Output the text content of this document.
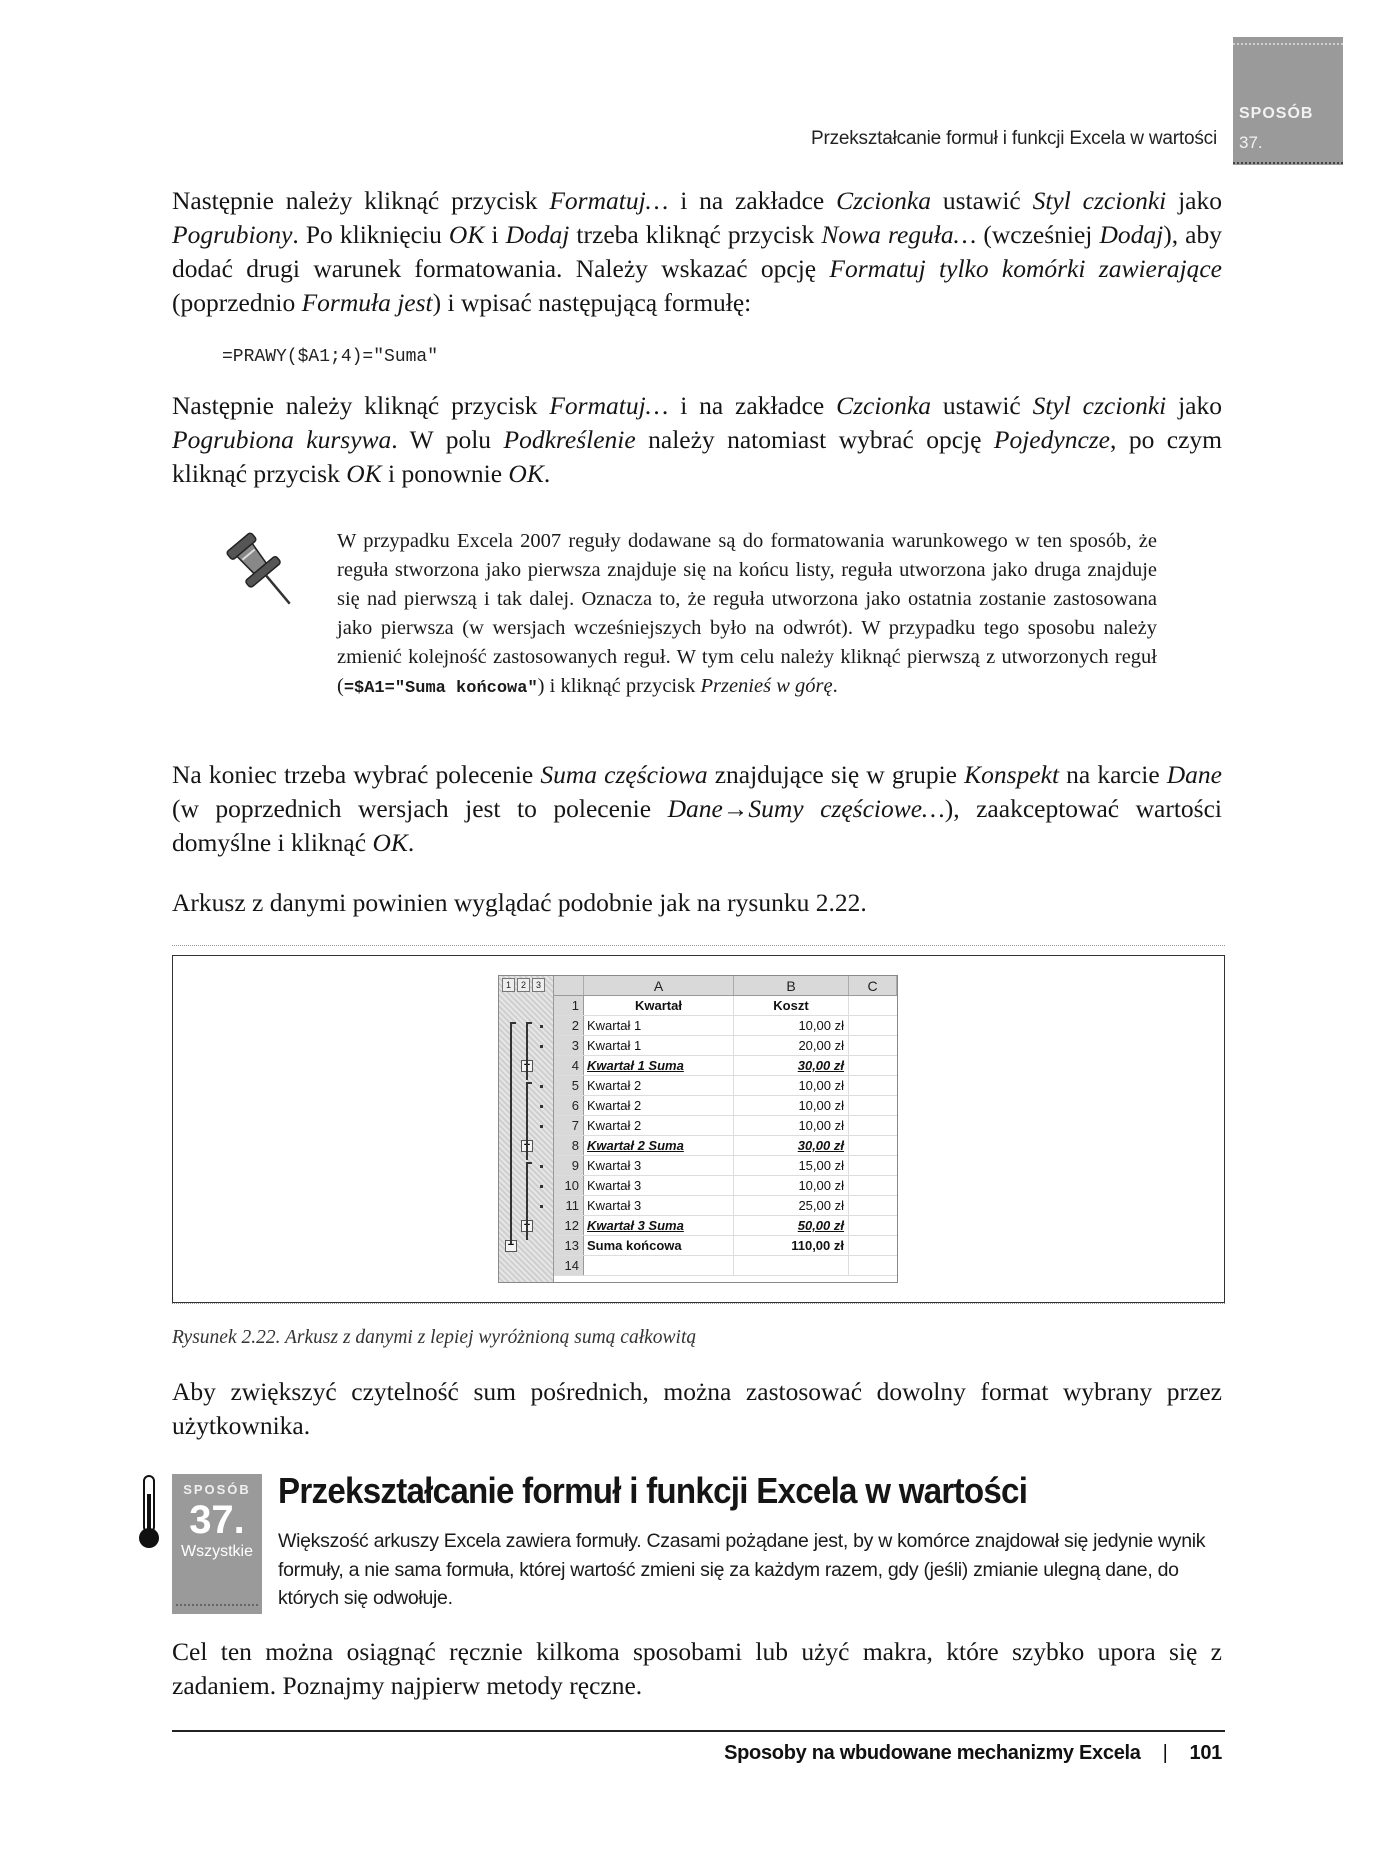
Przekształcanie formuł i funkcji Excela w wartości
SPOSÓB
37.
Następnie należy kliknąć przycisk Formatuj… i na zakładce Czcionka ustawić Styl czcionki jako Pogrubiony. Po kliknięciu OK i Dodaj trzeba kliknąć przycisk Nowa reguła… (wcześniej Dodaj), aby dodać drugi warunek formatowania. Należy wskazać opcję Formatuj tylko komórki zawierające (poprzednio Formuła jest) i wpisać następującą formułę:
=PRAWY($A1;4)="Suma"
Następnie należy kliknąć przycisk Formatuj… i na zakładce Czcionka ustawić Styl czcionki jako Pogrubiona kursywa. W polu Podkreślenie należy natomiast wybrać opcję Pojedyncze, po czym kliknąć przycisk OK i ponownie OK.
W przypadku Excela 2007 reguły dodawane są do formatowania warunkowego w ten sposób, że reguła stworzona jako pierwsza znajduje się na końcu listy, reguła utworzona jako druga znajduje się nad pierwszą i tak dalej. Oznacza to, że reguła utworzona jako ostatnia zostanie zastosowana jako pierwsza (w wersjach wcześniejszych było na odwrót). W przypadku tego sposobu należy zmienić kolejność zastosowanych reguł. W tym celu należy kliknąć pierwszą z utworzonych reguł (=$A1="Suma końcowa") i kliknąć przycisk Przenieś w górę.
Na koniec trzeba wybrać polecenie Suma częściowa znajdujące się w grupie Konspekt na karcie Dane (w poprzednich wersjach jest to polecenie Dane→Sumy częściowe…), zaakceptować wartości domyślne i kliknąć OK.
Arkusz z danymi powinien wyglądać podobnie jak na rysunku 2.22.
1	2	3
−
−
−
−
A	B	C
1	Kwartał	Koszt
2 Kwartał 1	10,00 zł
3 Kwartał 1	20,00 zł
4 Kwartał 1 Suma	30,00 zł
5 Kwartał 2	10,00 zł
6 Kwartał 2	10,00 zł
7 Kwartał 2	10,00 zł
8 Kwartał 2 Suma	30,00 zł
9 Kwartał 3	15,00 zł
10 Kwartał 3	10,00 zł
11 Kwartał 3	25,00 zł
12 Kwartał 3 Suma	50,00 zł
13 Suma końcowa	110,00 zł
14
Rysunek 2.22. Arkusz z danymi z lepiej wyróżnioną sumą całkowitą
Aby zwiększyć czytelność sum pośrednich, można zastosować dowolny format wybrany przez użytkownika.
SPOSÓB
37.
Wszystkie
Przekształcanie formuł i funkcji Excela w wartości
Większość arkuszy Excela zawiera formuły. Czasami pożądane jest, by w komórce znajdował się jedynie wynik formuły, a nie sama formuła, której wartość zmieni się za każdym razem, gdy (jeśli) zmianie ulegną dane, do których się odwołuje.
Cel ten można osiągnąć ręcznie kilkoma sposobami lub użyć makra, które szybko upora się z zadaniem. Poznajmy najpierw metody ręczne.
Sposoby na wbudowane mechanizmy Excela | 101
